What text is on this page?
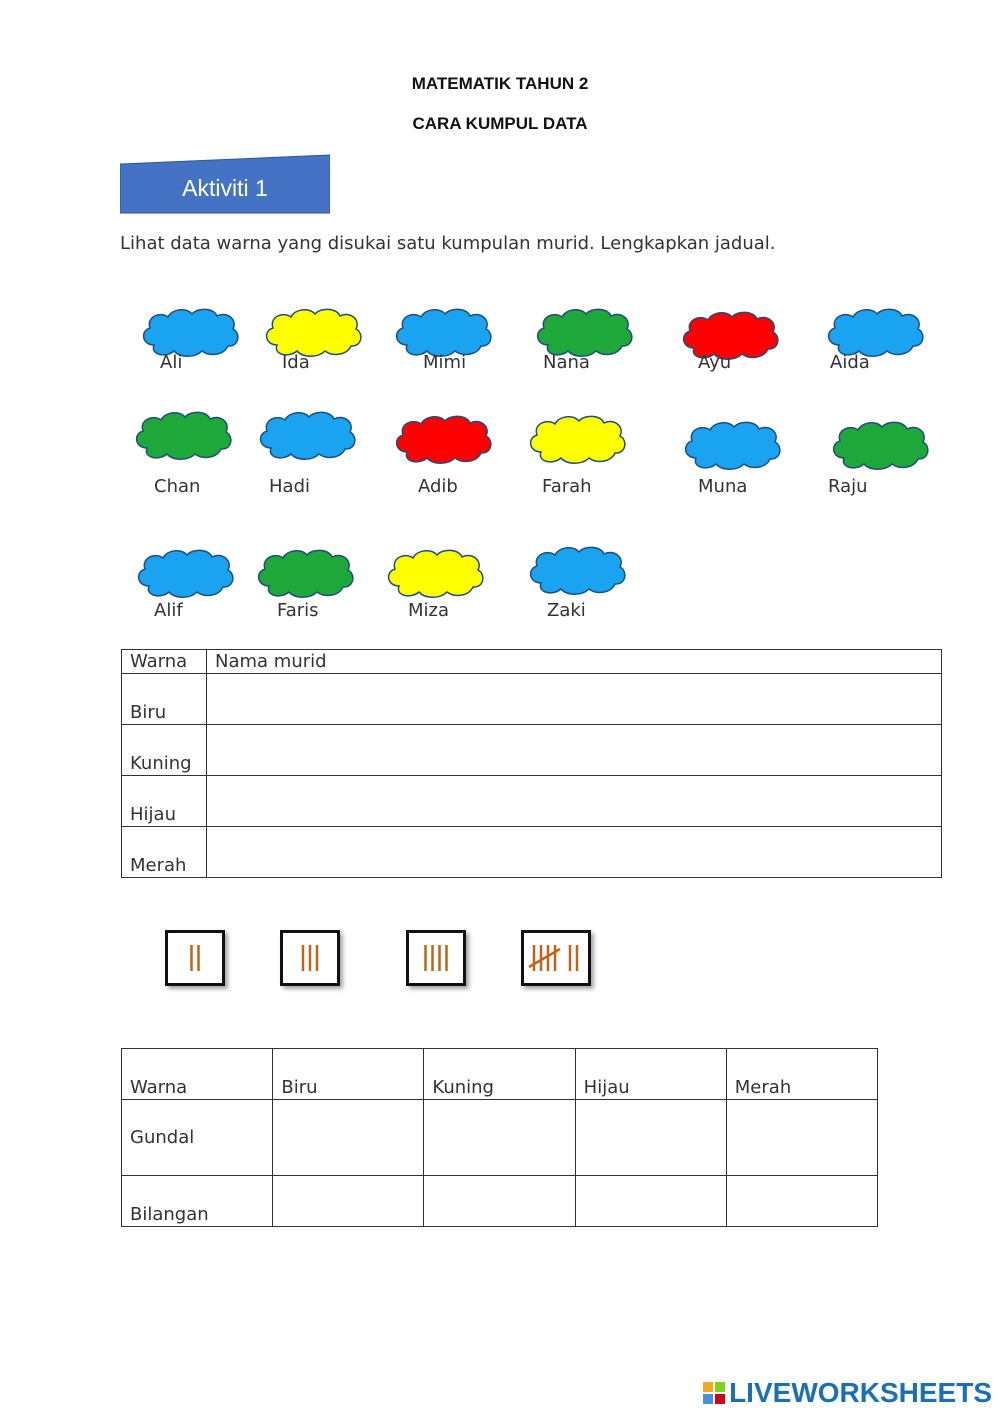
MATEMATIK TAHUN 2
CARA KUMPUL DATA
Aktiviti 1
Lihat data warna yang disukai satu kumpulan murid. Lengkapkan jadual.
Ali	Ida	Mimi	Nana	Ayu	Aida
Chan	Hadi	Adib	Farah	Muna	Raju
Alif	Faris	Miza	Zaki
Warna	Nama murid
Biru	
Kuning	
Hijau	
Merah	
Warna	Biru	Kuning	Hijau	Merah
Gundal				
Bilangan				
LIVEWORKSHEETS
